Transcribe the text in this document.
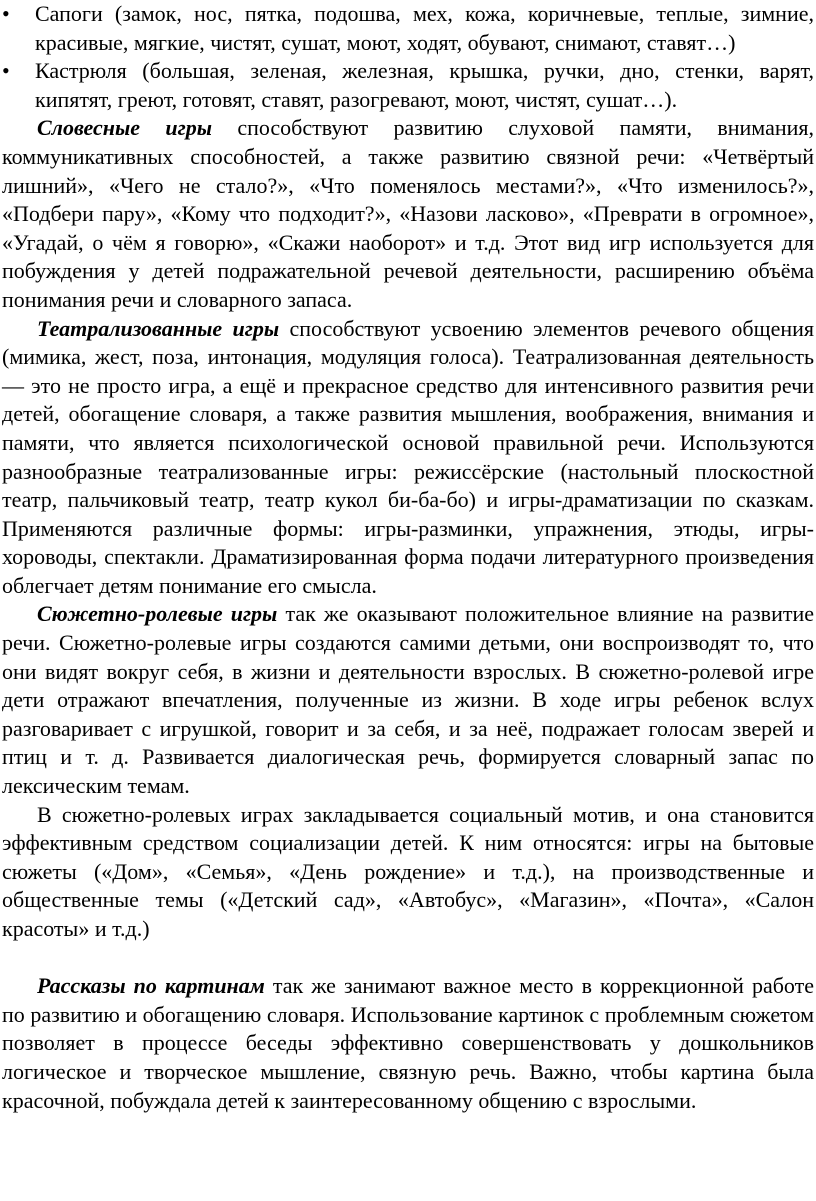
• Сапоги (замок, нос, пятка, подошва, мех, кожа, коричневые, теплые, зимние, красивые, мягкие, чистят, сушат, моют, ходят, обувают, снимают, ставят…)
• Кастрюля (большая, зеленая, железная, крышка, ручки, дно, стенки, варят, кипятят, греют, готовят, ставят, разогревают, моют, чистят, сушат…).

Словесные игры способствуют развитию слуховой памяти, внимания, коммуникативных способностей, а также развитию связной речи: «Четвёртый лишний», «Чего не стало?», «Что поменялось местами?», «Что изменилось?», «Подбери пару», «Кому что подходит?», «Назови ласково», «Преврати в огромное», «Угадай, о чём я говорю», «Скажи наоборот» и т.д. Этот вид игр используется для побуждения у детей подражательной речевой деятельности, расширению объёма понимания речи и словарного запаса.

Театрализованные игры способствуют усвоению элементов речевого общения (мимика, жест, поза, интонация, модуляция голоса). Театрализованная деятельность — это не просто игра, а ещё и прекрасное средство для интенсивного развития речи детей, обогащение словаря, а также развития мышления, воображения, внимания и памяти, что является психологической основой правильной речи. Используются разнообразные театрализованные игры: режиссёрские (настольный плоскостной театр, пальчиковый театр, театр кукол би-ба-бо) и игры-драматизации по сказкам. Применяются различные формы: игры-разминки, упражнения, этюды, игры-хороводы, спектакли. Драматизированная форма подачи литературного произведения облегчает детям понимание его смысла.

Сюжетно-ролевые игры так же оказывают положительное влияние на развитие речи. Сюжетно-ролевые игры создаются самими детьми, они воспроизводят то, что они видят вокруг себя, в жизни и деятельности взрослых. В сюжетно-ролевой игре дети отражают впечатления, полученные из жизни. В ходе игры ребенок вслух разговаривает с игрушкой, говорит и за себя, и за неё, подражает голосам зверей и птиц и т. д. Развивается диалогическая речь, формируется словарный запас по лексическим темам.

В сюжетно-ролевых играх закладывается социальный мотив, и она становится эффективным средством социализации детей. К ним относятся: игры на бытовые сюжеты («Дом», «Семья», «День рождение» и т.д.), на производственные и общественные темы («Детский сад», «Автобус», «Магазин», «Почта», «Салон красоты» и т.д.)

Рассказы по картинам так же занимают важное место в коррекционной работе по развитию и обогащению словаря. Использование картинок с проблемным сюжетом позволяет в процессе беседы эффективно совершенствовать у дошкольников логическое и творческое мышление, связную речь. Важно, чтобы картина была красочной, побуждала детей к заинтересованному общению с взрослыми.
